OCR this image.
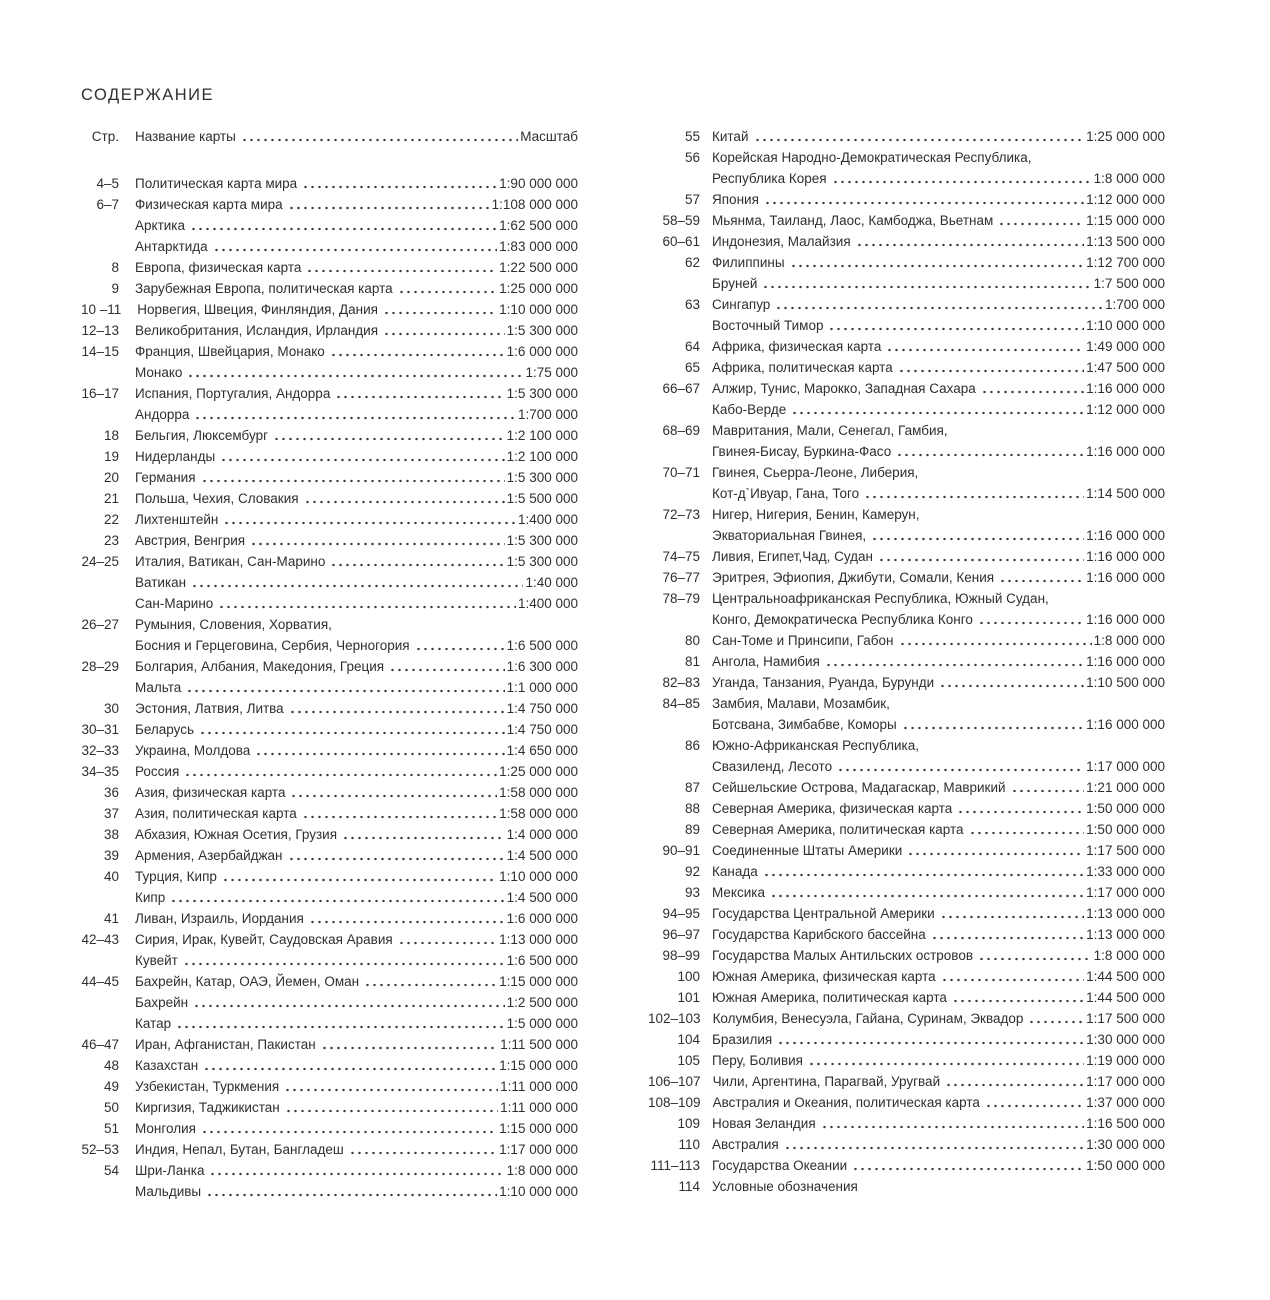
СОДЕРЖАНИЕ
Стр. Название карты	Масштаб
4–5 Политическая карта мира	1:90 000 000
6–7 Физическая карта мира	1:108 000 000
Арктика	1:62 500 000
Антарктида	1:83 000 000
8 Европа, физическая карта	1:22 500 000
9 Зарубежная Европа, политическая карта	1:25 000 000
10 –11 Норвегия, Швеция, Финляндия, Дания	1:10 000 000
12–13 Великобритания, Исландия, Ирландия	1:5 300 000
14–15 Франция, Швейцария, Монако	1:6 000 000
Монако	1:75 000
16–17 Испания, Португалия, Андорра	1:5 300 000
Андорра	1:700 000
18 Бельгия, Люксембург	1:2 100 000
19 Нидерланды	1:2 100 000
20 Германия	1:5 300 000
21 Польша, Чехия, Словакия	1:5 500 000
22 Лихтенштейн	1:400 000
23 Австрия, Венгрия	1:5 300 000
24–25 Италия, Ватикан, Сан-Марино	1:5 300 000
Ватикан	1:40 000
Сан-Марино	1:400 000
26–27 Румыния, Словения, Хорватия,
Босния и Герцеговина, Сербия, Черногория	1:6 500 000
28–29 Болгария, Албания, Македония, Греция	1:6 300 000
Мальта	1:1 000 000
30 Эстония, Латвия, Литва	1:4 750 000
30–31 Беларусь	1:4 750 000
32–33 Украина, Молдова	1:4 650 000
34–35 Россия	1:25 000 000
36 Азия, физическая карта	1:58 000 000
37 Азия, политическая карта	1:58 000 000
38 Абхазия, Южная Осетия, Грузия	1:4 000 000
39 Армения, Азербайджан	1:4 500 000
40 Турция, Кипр	1:10 000 000
Кипр	1:4 500 000
41 Ливан, Израиль, Иордания	1:6 000 000
42–43 Сирия, Ирак, Кувейт, Саудовская Аравия	1:13 000 000
Кувейт	1:6 500 000
44–45 Бахрейн, Катар, ОАЭ, Йемен, Оман	1:15 000 000
Бахрейн	1:2 500 000
Катар	1:5 000 000
46–47 Иран, Афганистан, Пакистан	1:11 500 000
48 Казахстан	1:15 000 000
49 Узбекистан, Туркмения	1:11 000 000
50 Киргизия, Таджикистан	1:11 000 000
51 Монголия	1:15 000 000
52–53 Индия, Непал, Бутан, Бангладеш	1:17 000 000
54 Шри-Ланка	1:8 000 000
Мальдивы	1:10 000 000
55 Китай	1:25 000 000
56 Корейская Народно-Демократическая Республика,
Республика Корея	1:8 000 000
57 Япония	1:12 000 000
58–59 Мьянма, Таиланд, Лаос, Камбоджа, Вьетнам	1:15 000 000
60–61 Индонезия, Малайзия	1:13 500 000
62 Филиппины	1:12 700 000
Бруней	1:7 500 000
63 Сингапур	1:700 000
Восточный Тимор	1:10 000 000
64 Африка, физическая карта	1:49 000 000
65 Африка, политическая карта	1:47 500 000
66–67 Алжир, Тунис, Марокко, Западная Сахара	1:16 000 000
Кабо-Верде	1:12 000 000
68–69 Мавритания, Мали, Сенегал, Гамбия,
Гвинея-Бисау, Буркина-Фасо	1:16 000 000
70–71 Гвинея, Сьерра-Леоне, Либерия,
Кот-д`Ивуар, Гана, Того	1:14 500 000
72–73 Нигер, Нигерия, Бенин, Камерун,
Экваториальная Гвинея,	1:16 000 000
74–75 Ливия, Египет,Чад, Судан	1:16 000 000
76–77 Эритрея, Эфиопия, Джибути, Сомали, Кения	1:16 000 000
78–79 Центральноафриканская Республика, Южный Судан,
Конго, Демократическа Республика Конго	1:16 000 000
80 Сан-Томе и Принсипи, Габон	1:8 000 000
81 Ангола, Намибия	1:16 000 000
82–83 Уганда, Танзания, Руанда, Бурунди	1:10 500 000
84–85 Замбия, Малави, Мозамбик,
Ботсвана, Зимбабве, Коморы	1:16 000 000
86 Южно-Африканская Республика,
Свазиленд, Лесото	1:17 000 000
87 Сейшельские Острова, Мадагаскар, Маврикий	1:21 000 000
88 Северная Америка, физическая карта	1:50 000 000
89 Северная Америка, политическая карта	1:50 000 000
90–91 Соединенные Штаты Америки	1:17 500 000
92 Канада	1:33 000 000
93 Мексика	1:17 000 000
94–95 Государства Центральной Америки	1:13 000 000
96–97 Государства Карибского бассейна	1:13 000 000
98–99 Государства Малых Антильских островов	1:8 000 000
100 Южная Америка, физическая карта	1:44 500 000
101 Южная Америка, политическая карта	1:44 500 000
102–103 Колумбия, Венесуэла, Гайана, Суринам, Эквадор	1:17 500 000
104 Бразилия	1:30 000 000
105 Перу, Боливия	1:19 000 000
106–107 Чили, Аргентина, Парагвай, Уругвай	1:17 000 000
108–109 Австралия и Океания, политическая карта	1:37 000 000
109 Новая Зеландия	1:16 500 000
110 Австралия	1:30 000 000
111–113 Государства Океании	1:50 000 000
114 Условные обозначения
